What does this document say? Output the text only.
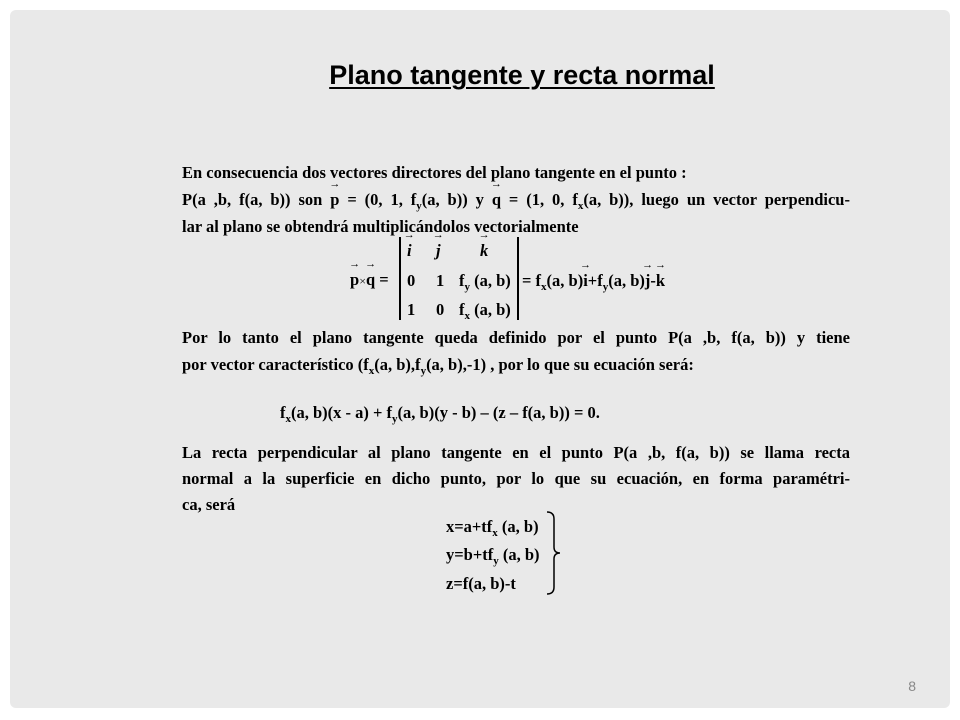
Plano tangente y recta normal
En consecuencia dos vectores directores del plano tangente en el punto :
P(a ,b, f(a, b)) son → p = (0, 1, $f_y(a$, b)) y → q = (1, 0, $f_x(a$, b)), luego un vector perpendicu-
lar al plano se obtendrá multiplicándolos vectorialmente
→ p×→ q =
→ i → j → k
0 1 $f_y$ (a, b)
1 0 $f_x$ (a, b)
= $f_x(a$, $b)\to i+f_y(a$, b)→ j-→ k
Por lo tanto el plano tangente queda definido por el punto P(a ,b, f(a, b)) y tiene
por vector característico ($f_x(a$, $b),f_y(a$, b),-1) , por lo que su ecuación será:
$f_x(a$, $b)(x - a) + f_y(a$, b)(y - b) – (z – f(a, b)) = 0.
La recta perpendicular al plano tangente en el punto P(a ,b, f(a, b)) se llama recta
normal a la superficie en dicho punto, por lo que su ecuación, en forma paramétri-
ca, será
$x=a+tf_x$ (a, b)
$y=b+tf_y$ (a, b)
z=f(a, b)-t
8
